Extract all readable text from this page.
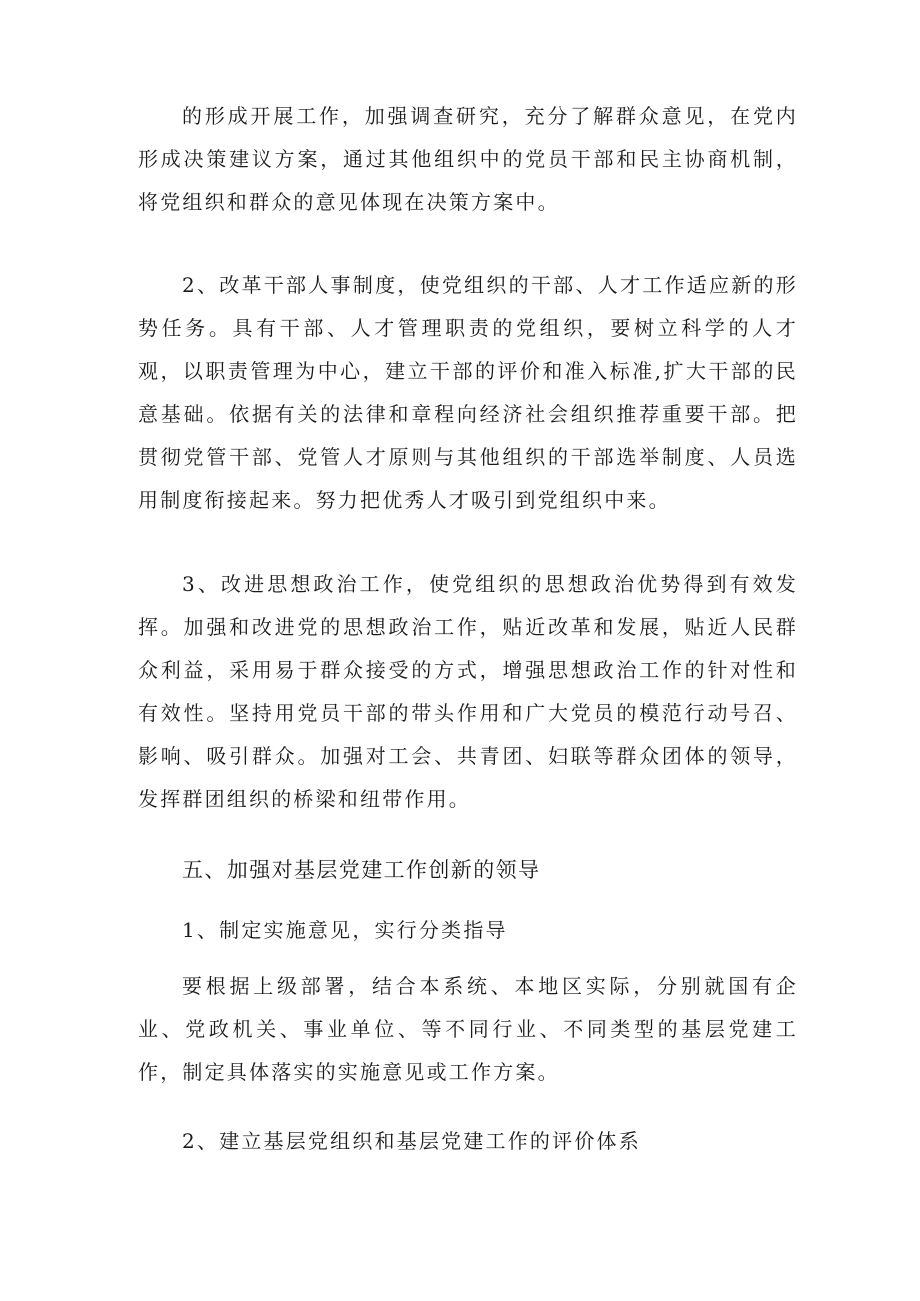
的形成开展工作，加强调查研究，充分了解群众意见，在党内形成决策建议方案，通过其他组织中的党员干部和民主协商机制，将党组织和群众的意见体现在决策方案中。

2、改革干部人事制度，使党组织的干部、人才工作适应新的形势任务。具有干部、人才管理职责的党组织，要树立科学的人才观，以职责管理为中心，建立干部的评价和准入标准,扩大干部的民意基础。依据有关的法律和章程向经济社会组织推荐重要干部。把贯彻党管干部、党管人才原则与其他组织的干部选举制度、人员选用制度衔接起来。努力把优秀人才吸引到党组织中来。

3、改进思想政治工作，使党组织的思想政治优势得到有效发挥。加强和改进党的思想政治工作，贴近改革和发展，贴近人民群众利益，采用易于群众接受的方式，增强思想政治工作的针对性和有效性。坚持用党员干部的带头作用和广大党员的模范行动号召、影响、吸引群众。加强对工会、共青团、妇联等群众团体的领导，发挥群团组织的桥梁和纽带作用。

五、加强对基层党建工作创新的领导

1、制定实施意见，实行分类指导

要根据上级部署，结合本系统、本地区实际，分别就国有企业、党政机关、事业单位、等不同行业、不同类型的基层党建工作，制定具体落实的实施意见或工作方案。

2、建立基层党组织和基层党建工作的评价体系
